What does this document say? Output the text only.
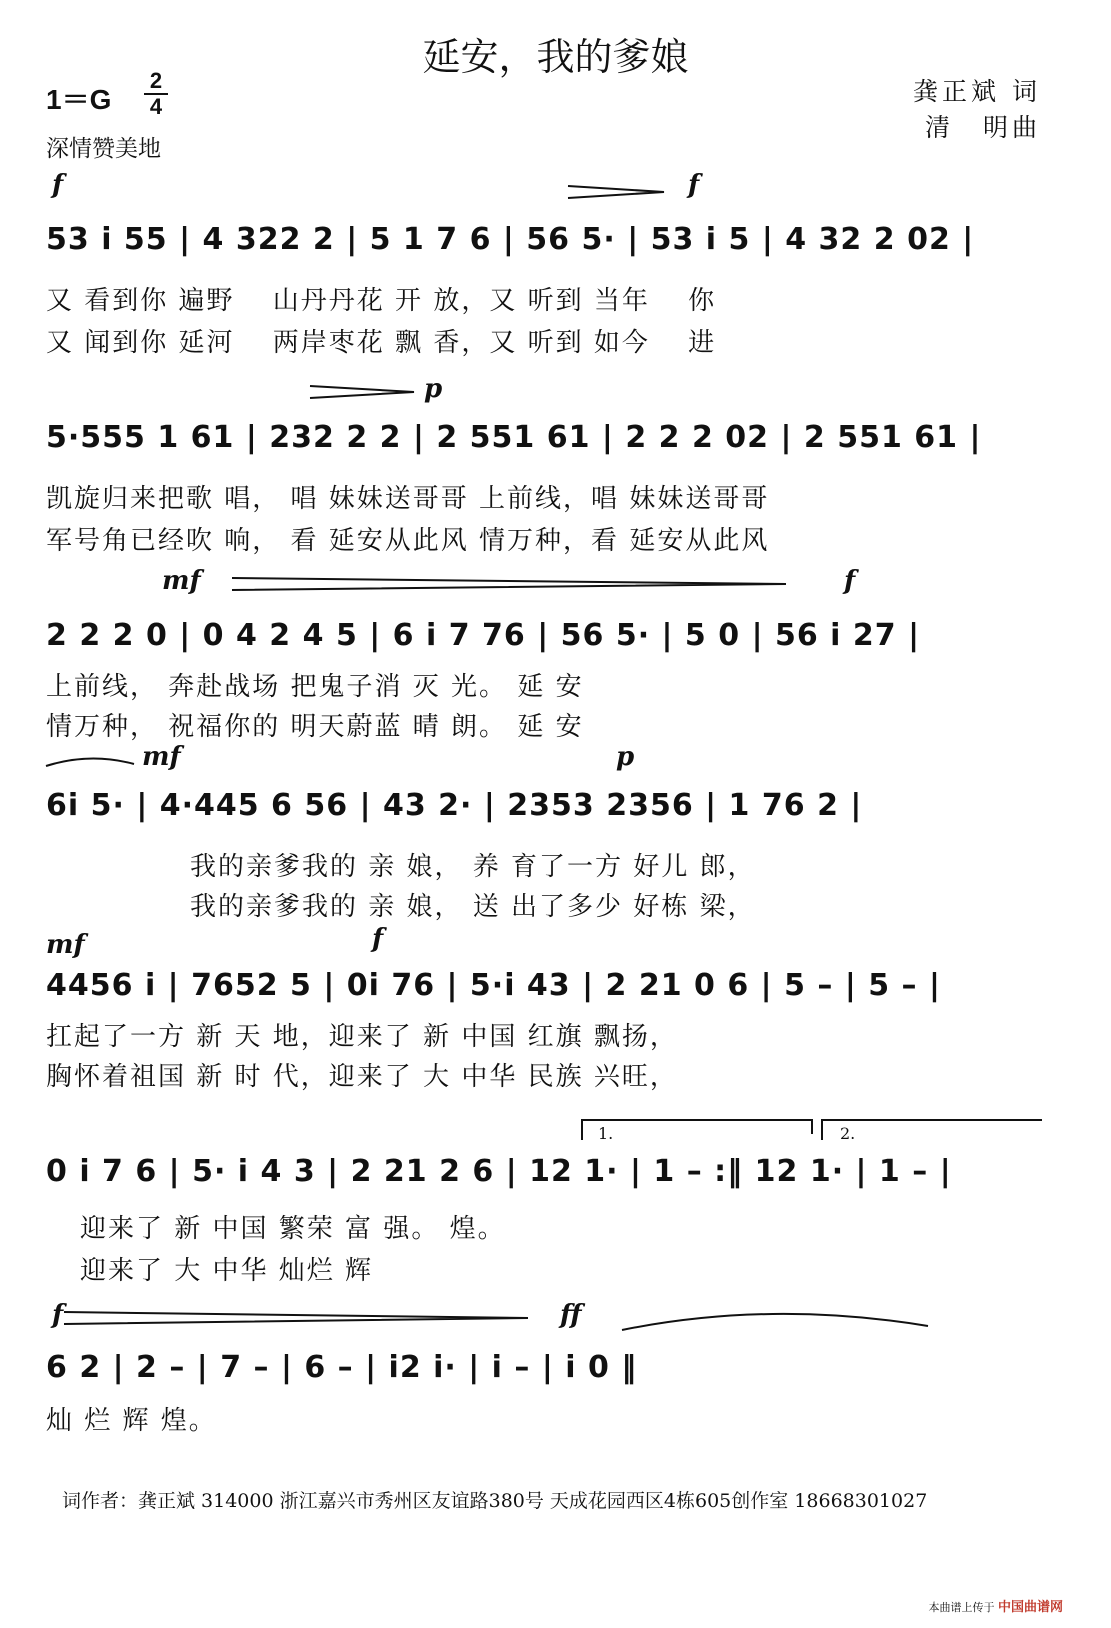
延安，我的爹娘
1＝G
2
4
深情赞美地
龚正斌 词
清　明曲
f	f
53 i 55 | 4 322 2 | 5 1 7 6 | 56 5· | 53 i 5 | 4 32 2 02 |
又 看到你 遍野　 山丹丹花 开 放，又 听到 当年　 你
又 闻到你 延河　 两岸枣花 飘 香，又 听到 如今　 进
p
5·555 1 61 | 232 2 2 | 2 551 61 | 2 2 2 02 | 2 551 61 |
凯旋归来把歌 唱， 唱 妹妹送哥哥 上前线，唱 妹妹送哥哥
军号角已经吹 响， 看 延安从此风 情万种，看 延安从此风
mf	f
2 2 2 0 | 0 4 2 4 5 | 6 i 7 76 | 56 5· | 5 0 | 56 i 27 |
上前线， 奔赴战场 把鬼子消 灭 光。 延 安
情万种， 祝福你的 明天蔚蓝 晴 朗。 延 安
mf	p
6i 5· | 4·445 6 56 | 43 2· | 2353 2356 | 1 76 2 |
我的亲爹我的 亲 娘， 养 育了一方 好儿 郎，
我的亲爹我的 亲 娘， 送 出了多少 好栋 梁，
mf	f
4456 i | 7652 5 | 0i 76 | 5·i 43 | 2 21 0 6 | 5 – | 5 – |
扛起了一方 新 天 地，迎来了 新 中国 红旗 飘扬，
胸怀着祖国 新 时 代，迎来了 大 中华 民族 兴旺，
1.	2.
0 i 7 6 | 5· i 4 3 | 2 21 2 6 | 12 1· | 1 – :‖ 12 1· | 1 – |
迎来了 新 中国 繁荣 富 强。 煌。
迎来了 大 中华 灿烂 辉
f	ff
6 2 | 2 – | 7 – | 6 – | i2 i· | i – | i 0 ‖
灿 烂 辉 煌。
词作者：龚正斌 314000 浙江嘉兴市秀州区友谊路380号 天成花园西区4栋605创作室 18668301027
本曲谱上传于 中国曲谱网
